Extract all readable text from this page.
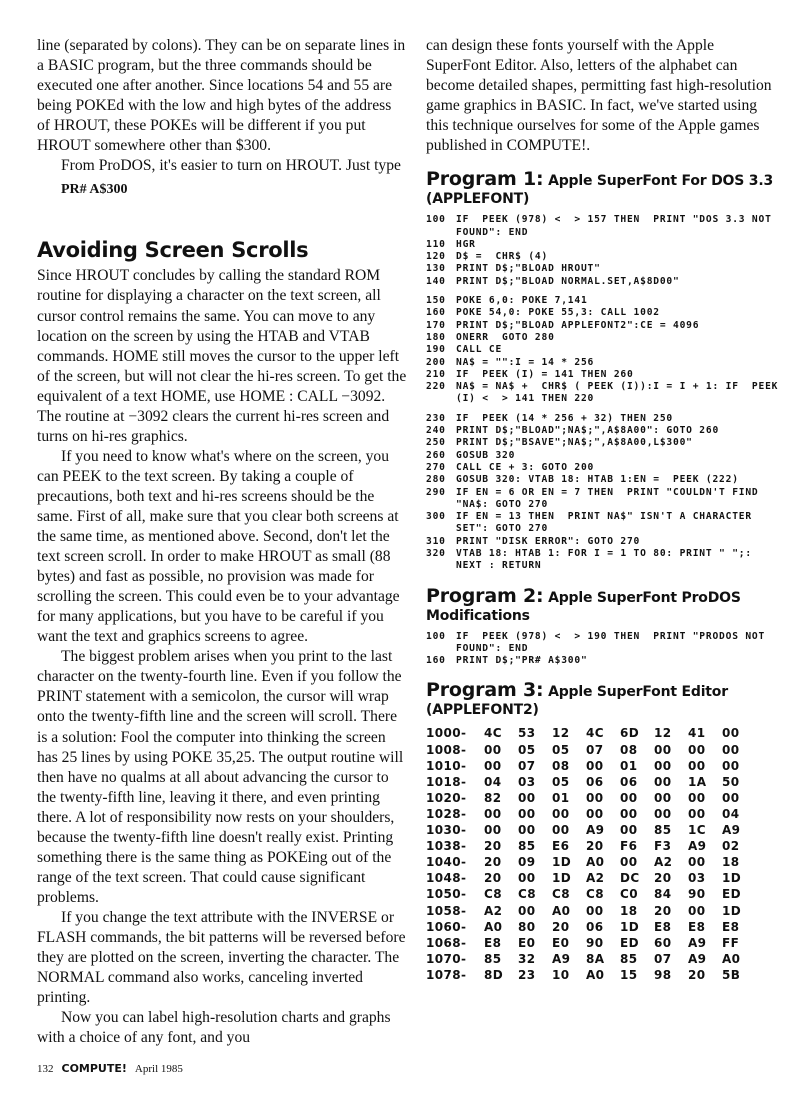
line (separated by colons). They can be on separate lines in a BASIC program, but the three commands should be executed one after another. Since locations 54 and 55 are being POKEd with the low and high bytes of the address of HROUT, these POKEs will be different if you put HROUT somewhere other than $300.

From ProDOS, it's easier to turn on HROUT. Just type

PR# A$300
Avoiding Screen Scrolls

Since HROUT concludes by calling the standard ROM routine for displaying a character on the text screen, all cursor control remains the same. You can move to any location on the screen by using the HTAB and VTAB commands. HOME still moves the cursor to the upper left of the screen, but will not clear the hi-res screen. To get the equivalent of a text HOME, use HOME : CALL −3092. The routine at −3092 clears the current hi-res screen and turns on hi-res graphics.

If you need to know what's where on the screen, you can PEEK to the text screen. By taking a couple of precautions, both text and hi-res screens should be the same. First of all, make sure that you clear both screens at the same time, as mentioned above. Second, don't let the text screen scroll. In order to make HROUT as small (88 bytes) and fast as possible, no provision was made for scrolling the screen. This could even be to your advantage for many applications, but you have to be careful if you want the text and graphics screens to agree.

The biggest problem arises when you print to the last character on the twenty-fourth line. Even if you follow the PRINT statement with a semicolon, the cursor will wrap onto the twenty-fifth line and the screen will scroll. There is a solution: Fool the computer into thinking the screen has 25 lines by using POKE 35,25. The output routine will then have no qualms at all about advancing the cursor to the twenty-fifth line, leaving it there, and even printing there. A lot of responsibility now rests on your shoulders, because the twenty-fifth line doesn't really exist. Printing something there is the same thing as POKEing out of the range of the text screen. That could cause significant problems.

If you change the text attribute with the INVERSE or FLASH commands, the bit patterns will be reversed before they are plotted on the screen, inverting the character. The NORMAL command also works, canceling inverted printing.

Now you can label high-resolution charts and graphs with a choice of any font, and you

can design these fonts yourself with the Apple SuperFont Editor. Also, letters of the alphabet can become detailed shapes, permitting fast high-resolution game graphics in BASIC. In fact, we've started using this technique ourselves for some of the Apple games published in COMPUTE!.

Program 1: Apple SuperFont For DOS 3.3 (APPLEFONT)
100	IF  PEEK (978) <  > 157 THEN  PRINT "DOS 3.3 NOT FOUND": END
110	HGR
120	D$ =  CHR$ (4)
130	PRINT D$;"BLOAD HROUT"
140	PRINT D$;"BLOAD NORMAL.SET,A$8D00"
150	POKE 6,0: POKE 7,141
160	POKE 54,0: POKE 55,3: CALL 1002
170	PRINT D$;"BLOAD APPLEFONT2":CE = 4096
180	ONERR  GOTO 280
190	CALL CE
200	NA$ = "":I = 14 * 256
210	IF  PEEK (I) = 141 THEN 260
220	NA$ = NA$ +  CHR$ ( PEEK (I)):I = I + 1: IF  PEEK (I) <  > 141 THEN 220
230	IF  PEEK (14 * 256 + 32) THEN 250
240	PRINT D$;"BLOAD";NA$;",A$8A00": GOTO 260
250	PRINT D$;"BSAVE";NA$;",A$8A00,L$300"
260	GOSUB 320
270	CALL CE + 3: GOTO 200
280	GOSUB 320: VTAB 18: HTAB 1:EN =  PEEK (222)
290	IF EN = 6 OR EN = 7 THEN  PRINT "COULDN'T FIND "NA$: GOTO 270
300	IF EN = 13 THEN  PRINT NA$" ISN'T A CHARACTER SET": GOTO 270
310	PRINT "DISK ERROR": GOTO 270
320	VTAB 18: HTAB 1: FOR I = 1 TO 80: PRINT " ";: NEXT : RETURN
Program 2: Apple SuperFont ProDOS Modifications
100	IF  PEEK (978) <  > 190 THEN  PRINT "PRODOS NOT FOUND": END
160	PRINT D$;"PR# A$300"
Program 3: Apple SuperFont Editor (APPLEFONT2)
1000-	4C	53	12	4C	6D	12	41	00
1008-	00	05	05	07	08	00	00	00
1010-	00	07	08	00	01	00	00	00
1018-	04	03	05	06	06	00	1A	50
1020-	82	00	01	00	00	00	00	00
1028-	00	00	00	00	00	00	00	04
1030-	00	00	00	A9	00	85	1C	A9
1038-	20	85	E6	20	F6	F3	A9	02
1040-	20	09	1D	A0	00	A2	00	18
1048-	20	00	1D	A2	DC	20	03	1D
1050-	C8	C8	C8	C8	C0	84	90	ED
1058-	A2	00	A0	00	18	20	00	1D
1060-	A0	80	20	06	1D	E8	E8	E8
1068-	E8	E0	E0	90	ED	60	A9	FF
1070-	85	32	A9	8A	85	07	A9	A0
1078-	8D	23	10	A0	15	98	20	5B
132 COMPUTE! April 1985
